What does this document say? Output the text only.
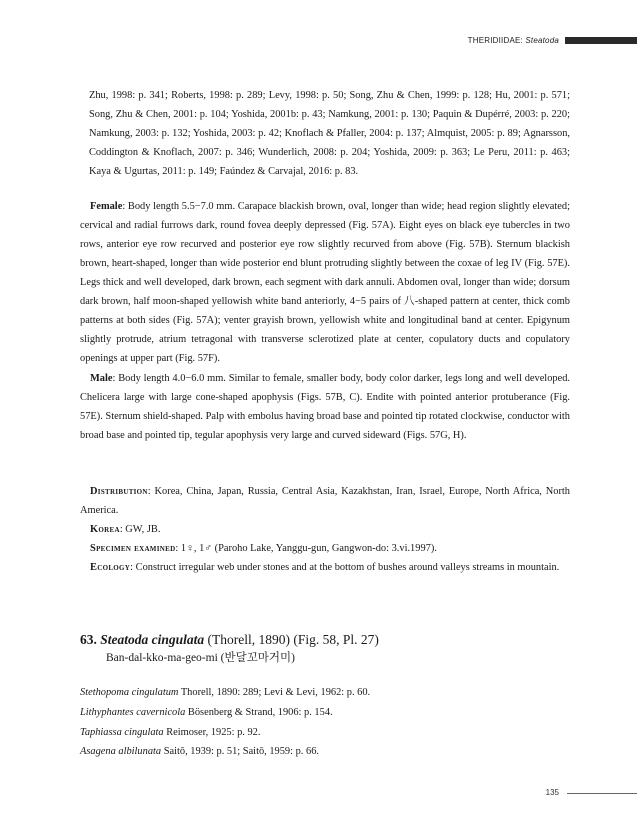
THERIDIIDAE: Steatoda

Zhu, 1998: p. 341; Roberts, 1998: p. 289; Levy, 1998: p. 50; Song, Zhu & Chen, 1999: p. 128; Hu, 2001: p. 571; Song, Zhu & Chen, 2001: p. 104; Yoshida, 2001b: p. 43; Namkung, 2001: p. 130; Paquin & Dupérré, 2003: p. 220; Namkung, 2003: p. 132; Yoshida, 2003: p. 42; Knoflach & Pfaller, 2004: p. 137; Almquist, 2005: p. 89; Agnarsson, Coddington & Knoflach, 2007: p. 346; Wunderlich, 2008: p. 204; Yoshida, 2009: p. 363; Le Peru, 2011: p. 463; Kaya & Ugurtas, 2011: p. 149; Faúndez & Carvajal, 2016: p. 83.

Female: Body length 5.5−7.0 mm. Carapace blackish brown, oval, longer than wide; head region slightly elevated; cervical and radial furrows dark, round fovea deeply depressed (Fig. 57A). Eight eyes on black eye tubercles in two rows, anterior eye row recurved and posterior eye row slightly recurved from above (Fig. 57B). Sternum blackish brown, heart-shaped, longer than wide posterior end blunt protruding slightly between the coxae of leg IV (Fig. 57E). Legs thick and well developed, dark brown, each segment with dark annuli. Abdomen oval, longer than wide; dorsum dark brown, half moon-shaped yellowish white band anteriorly, 4−5 pairs of 八-shaped pattern at center, thick comb patterns at both sides (Fig. 57A); venter grayish brown, yellowish white and longitudinal band at center. Epigynum slightly protrude, atrium tetragonal with transverse sclerotized plate at center, copulatory ducts and copulatory openings at upper part (Fig. 57F).

Male: Body length 4.0−6.0 mm. Similar to female, smaller body, body color darker, legs long and well developed. Chelicera large with large cone-shaped apophysis (Figs. 57B, C). Endite with pointed anterior protuberance (Fig. 57E). Sternum shield-shaped. Palp with embolus having broad base and pointed tip rotated clockwise, conductor with broad base and pointed tip, tegular apophysis very large and curved sideward (Figs. 57G, H).

Distribution: Korea, China, Japan, Russia, Central Asia, Kazakhstan, Iran, Israel, Europe, North Africa, North America.

Korea: GW, JB.

Specimen examined: 1♀, 1♂ (Paroho Lake, Yanggu-gun, Gangwon-do: 3.vi.1997).

Ecology: Construct irregular web under stones and at the bottom of bushes around valleys streams in mountain.

63. Steatoda cingulata (Thorell, 1890) (Fig. 58, Pl. 27)
Ban-dal-kko-ma-geo-mi (반달꼬마거미)
Stethopoma cingulatum Thorell, 1890: 289; Levi & Levi, 1962: p. 60.
Lithyphantes cavernicola Bösenberg & Strand, 1906: p. 154.
Taphiassa cingulata Reimoser, 1925: p. 92.
Asagena albilunata Saitō, 1939: p. 51; Saitō, 1959: p. 66.
135
